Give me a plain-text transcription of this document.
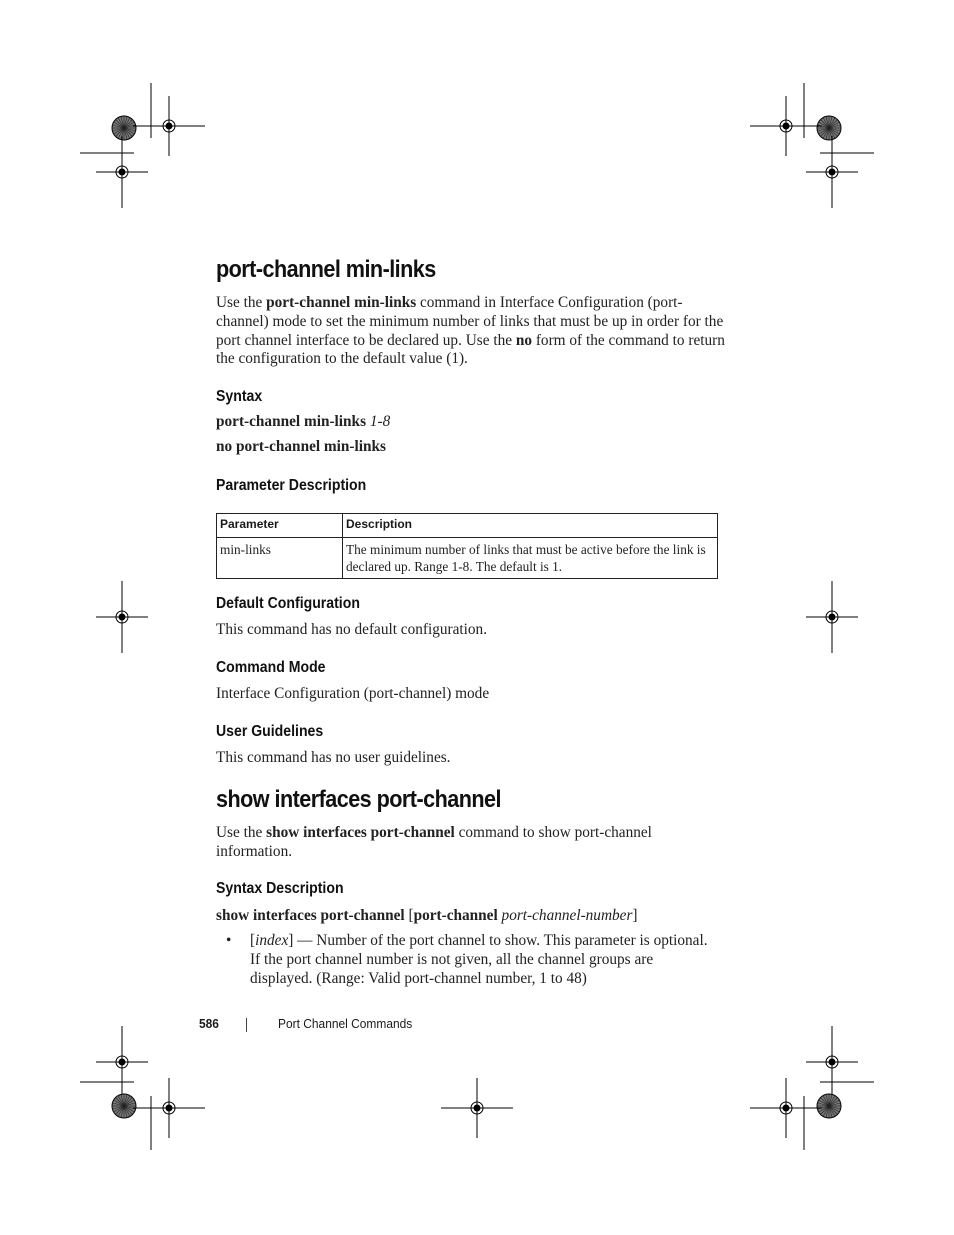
port-channel min-links
Use the port-channel min-links command in Interface Configuration (port-channel) mode to set the minimum number of links that must be up in order for the port channel interface to be declared up. Use the no form of the command to return the configuration to the default value (1).
Syntax
port-channel min-links 1-8
no port-channel min-links
Parameter Description
Parameter	Description
min-links	The minimum number of links that must be active before the link is declared up. Range 1-8. The default is 1.
Default Configuration
This command has no default configuration.
Command Mode
Interface Configuration (port-channel) mode
User Guidelines
This command has no user guidelines.
show interfaces port-channel
Use the show interfaces port-channel command to show port-channel information.
Syntax Description
show interfaces port-channel [port-channel port-channel-number]
•	[index] — Number of the port channel to show. This parameter is optional. If the port channel number is not given, all the channel groups are displayed. (Range: Valid port-channel number, 1 to 48)
586	Port Channel Commands
